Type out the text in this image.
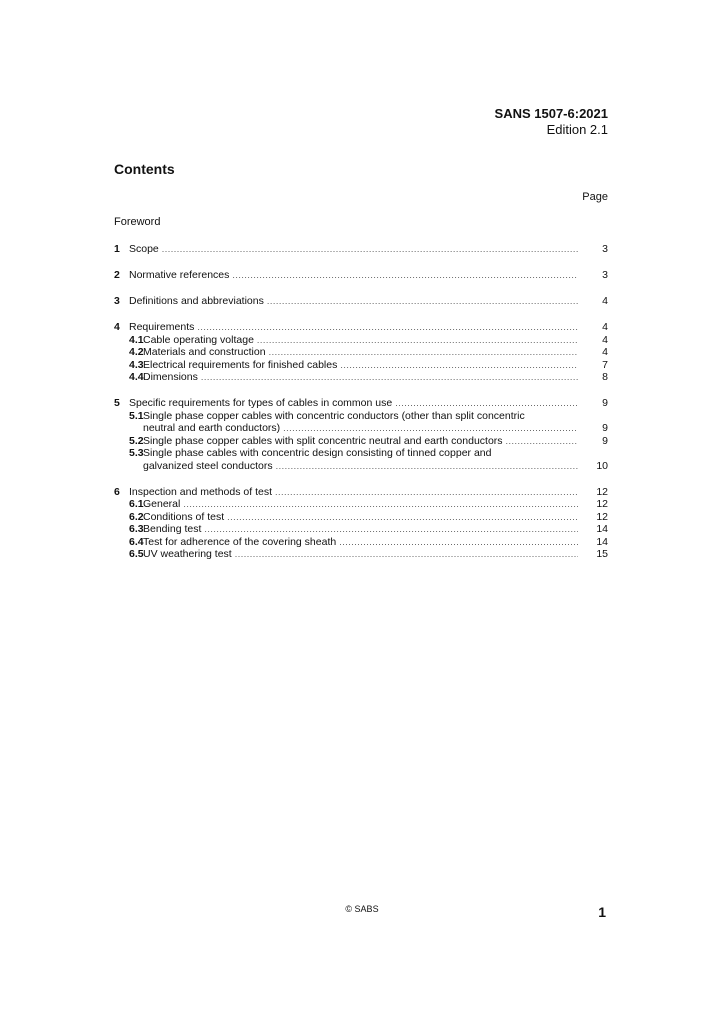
SANS 1507-6:2021
Edition 2.1
Contents
Page
Foreword
1 Scope .....	3
2 Normative references .....	3
3 Definitions and abbreviations .....	4
4 Requirements .....	4
4.1 Cable operating voltage .....	4
4.2 Materials and construction .....	4
4.3 Electrical requirements for finished cables .....	7
4.4 Dimensions .....	8
5 Specific requirements for types of cables in common use .....	9
5.1 Single phase copper cables with concentric conductors (other than split concentric
neutral and earth conductors) .....	9
5.2 Single phase copper cables with split concentric neutral and earth conductors .....	9
5.3 Single phase cables with concentric design consisting of tinned copper and
galvanized steel conductors .....	10
6 Inspection and methods of test .....	12
6.1 General .....	12
6.2 Conditions of test .....	12
6.3 Bending test .....	14
6.4 Test for adherence of the covering sheath .....	14
6.5 UV weathering test .....	15
© SABS	1
